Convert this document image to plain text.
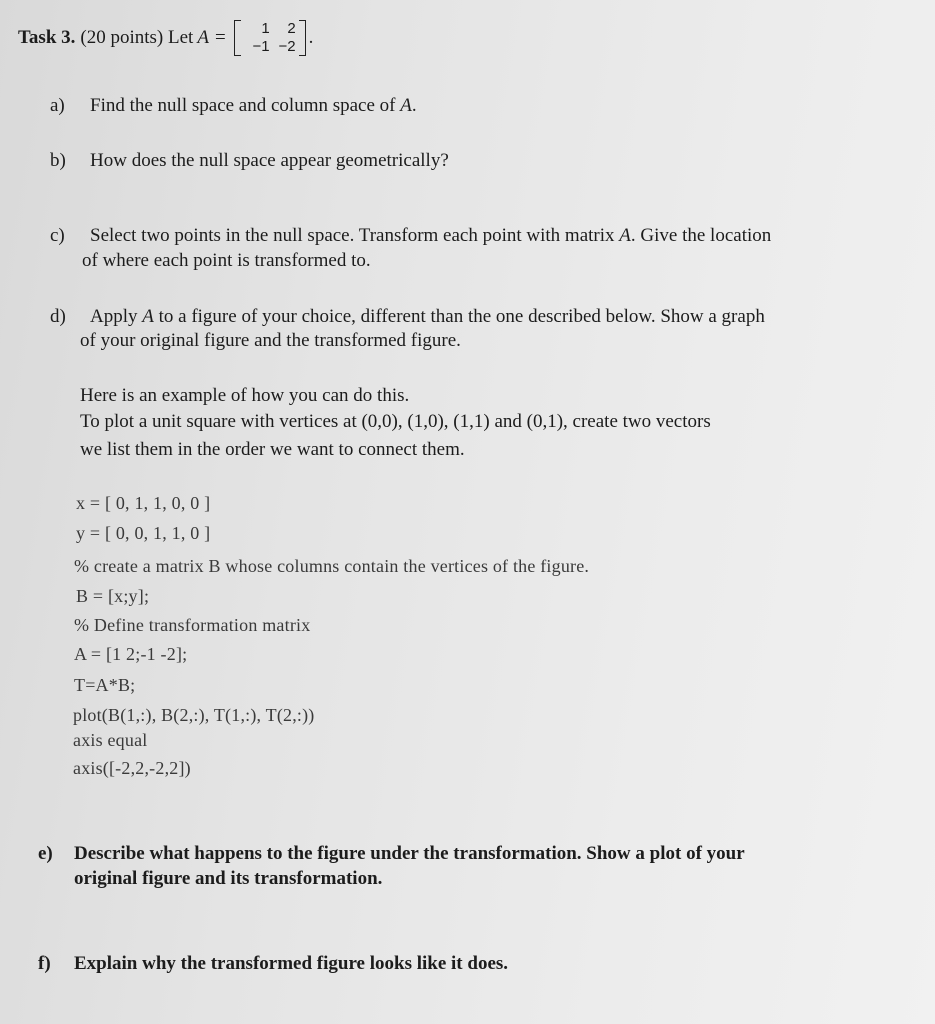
Task 3. (20 points) Let A =	1	2
−1 −2 .
a) Find the null space and column space of A.
b) How does the null space appear geometrically?
c) Select two points in the null space. Transform each point with matrix A. Give the location
of where each point is transformed to.
d) Apply A to a figure of your choice, different than the one described below. Show a graph
of your original figure and the transformed figure.
Here is an example of how you can do this.
To plot a unit square with vertices at (0,0), (1,0), (1,1) and (0,1), create two vectors
we list them in the order we want to connect them.
x = [ 0, 1, 1, 0, 0 ]
y = [ 0, 0, 1, 1, 0 ]
% create a matrix B whose columns contain the vertices of the figure.
B = [x;y];
% Define transformation matrix
A = [1 2;-1 -2];
T=A*B;
plot(B(1,:), B(2,:), T(1,:), T(2,:))
axis equal
axis([-2,2,-2,2])
e) Describe what happens to the figure under the transformation. Show a plot of your
original figure and its transformation.
f) Explain why the transformed figure looks like it does.
